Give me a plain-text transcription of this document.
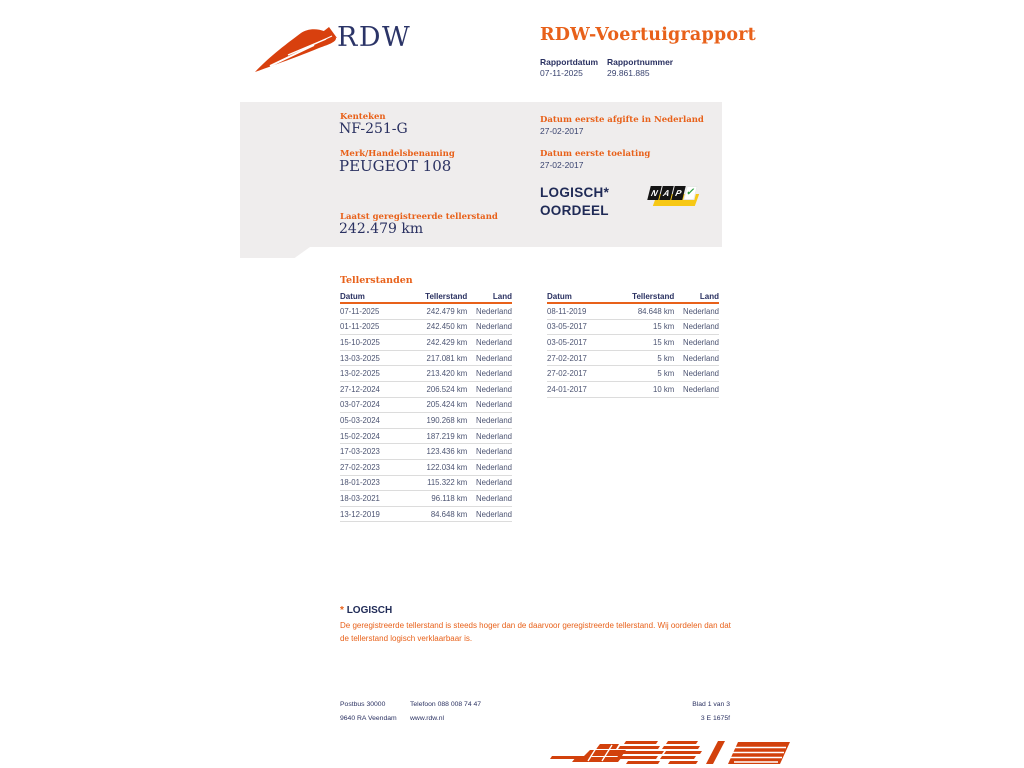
RDW	RDW-Voertuigrapport
Rapportdatum Rapportnummer
07-11-2025	29.861.885
Kenteken
NF-251-G
Merk/Handelsbenaming
PEUGEOT 108
Laatst geregistreerde tellerstand
242.479 km
Datum eerste afgifte in Nederland
27-02-2017
Datum eerste toelating
27-02-2017
LOGISCH*
OORDEEL
N A P ✓
Tellerstanden
Datum	Tellerstand	Land
07-11-2025	242.479 km	Nederland
01-11-2025	242.450 km	Nederland
15-10-2025	242.429 km	Nederland
13-03-2025	217.081 km	Nederland
13-02-2025	213.420 km	Nederland
27-12-2024	206.524 km	Nederland
03-07-2024	205.424 km	Nederland
05-03-2024	190.268 km	Nederland
15-02-2024	187.219 km	Nederland
17-03-2023	123.436 km	Nederland
27-02-2023	122.034 km	Nederland
18-01-2023	115.322 km	Nederland
18-03-2021	96.118 km	Nederland
13-12-2019	84.648 km	Nederland
Datum	Tellerstand	Land
08-11-2019	84.648 km	Nederland
03-05-2017	15 km	Nederland
03-05-2017	15 km	Nederland
27-02-2017	5 km	Nederland
27-02-2017	5 km	Nederland
24-01-2017	10 km	Nederland
* LOGISCH
De geregistreerde tellerstand is steeds hoger dan de daarvoor geregistreerde tellerstand. Wij oordelen dan dat de tellerstand logisch verklaarbaar is.
Postbus 30000
9640 RA Veendam
Telefoon 088 008 74 47
www.rdw.nl
Blad 1 van 3
3 E 1675f
